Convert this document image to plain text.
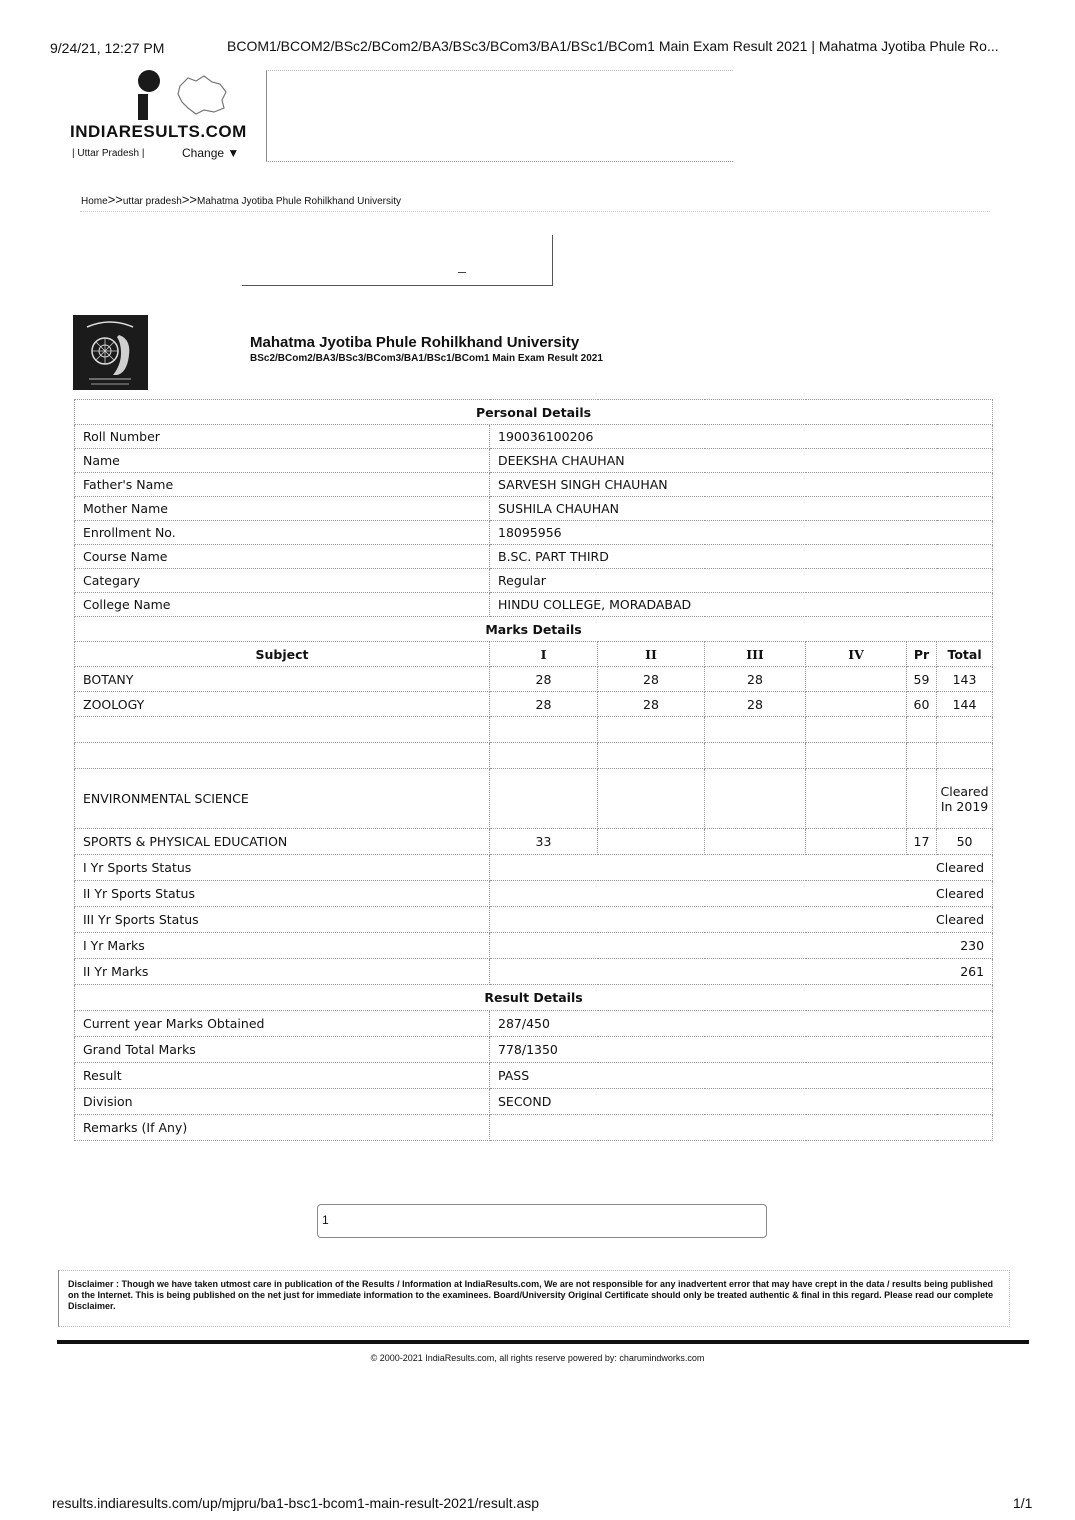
9/24/21, 12:27 PM	BCOM1/BCOM2/BSc2/BCom2/BA3/BSc3/BCom3/BA1/BSc1/BCom1 Main Exam Result 2021 | Mahatma Jyotiba Phule Ro...
INDIARESULTS.COM
| Uttar Pradesh |	Change ▼
Home>>uttar pradesh>>Mahatma Jyotiba Phule Rohilkhand University
Mahatma Jyotiba Phule Rohilkhand University
BSc2/BCom2/BA3/BSc3/BCom3/BA1/BSc1/BCom1 Main Exam Result 2021
Personal Details						
Roll Number	190036100206					
Name	DEEKSHA CHAUHAN					
Father's Name	SARVESH SINGH CHAUHAN					
Mother Name	SUSHILA CHAUHAN					
Enrollment No.	18095956					
Course Name	B.SC. PART THIRD					
Categary	Regular					
College Name	HINDU COLLEGE, MORADABAD					
Marks Details						
Subject	I	II	III	IV	Pr	Total
BOTANY	28	28	28		59	143
ZOOLOGY	28	28	28		60	144

ENVIRONMENTAL SCIENCE						Cleared In 2019
SPORTS & PHYSICAL EDUCATION	33				17	50
I Yr Sports Status	Cleared					
II Yr Sports Status	Cleared					
III Yr Sports Status	Cleared					
I Yr Marks	230					
II Yr Marks	261					
Result Details						
Current year Marks Obtained	287/450					
Grand Total Marks	778/1350					
Result	PASS					
Division	SECOND					
Remarks (If Any)						
1

Disclaimer : Though we have taken utmost care in publication of the Results / Information at IndiaResults.com, We are not responsible for any inadvertent error that may have crept in the data / results being published on the Internet. This is being published on the net just for immediate information to the examinees. Board/University Original Certificate should only be treated authentic & final in this regard. Please read our complete Disclaimer.

© 2000-2021 IndiaResults.com, all rights reserve powered by: charumindworks.com
results.indiaresults.com/up/mjpru/ba1-bsc1-bcom1-main-result-2021/result.asp	1/1
